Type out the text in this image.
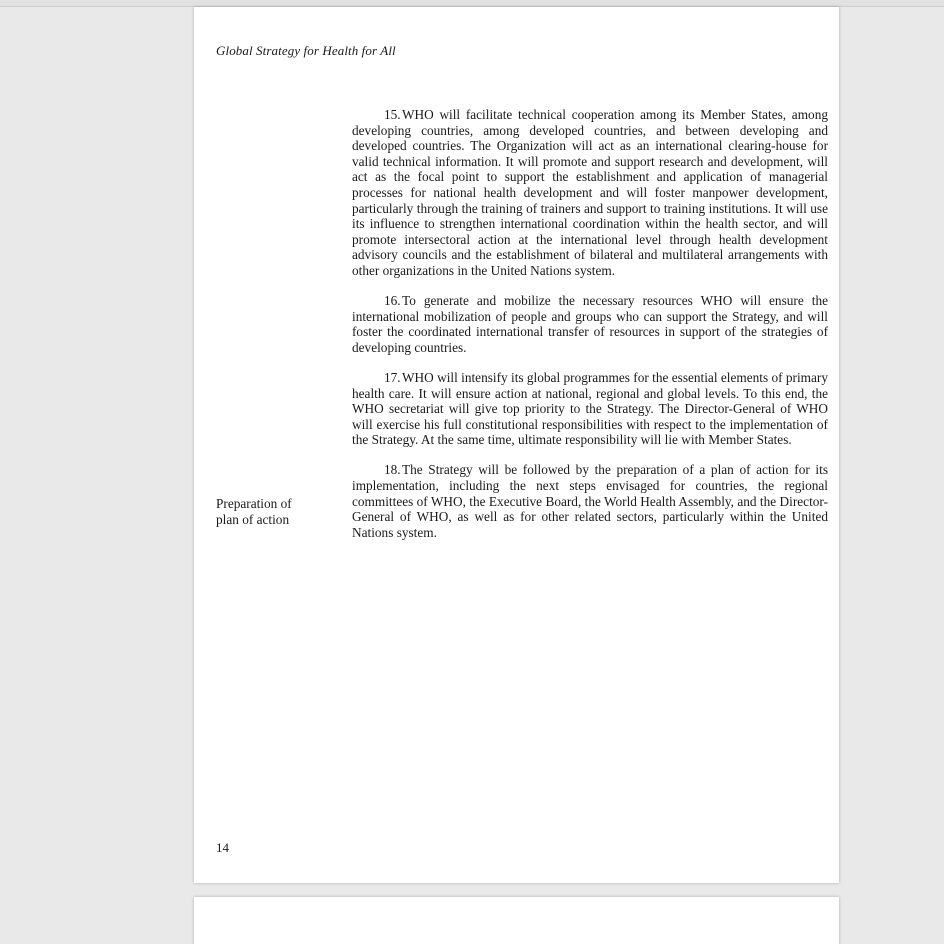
Global Strategy for Health for All

15.WHO will facilitate technical cooperation among its Member States, among developing countries, among developed countries, and between developing and developed countries. The Organization will act as an international clearing-house for valid technical information. It will promote and support research and development, will act as the focal point to support the establishment and application of managerial processes for national health development and will foster manpower development, particularly through the training of trainers and support to training institutions. It will use its influence to strengthen international coordination within the health sector, and will promote intersectoral action at the international level through health development advisory councils and the establishment of bilateral and multilateral arrangements with other organizations in the United Nations system.

16.To generate and mobilize the necessary resources WHO will ensure the international mobilization of people and groups who can support the Strategy, and will foster the coordinated international transfer of resources in support of the strategies of developing countries.

17.WHO will intensify its global programmes for the essential elements of primary health care. It will ensure action at national, regional and global levels. To this end, the WHO secretariat will give top priority to the Strategy. The Director-General of WHO will exercise his full constitutional responsibilities with respect to the implementation of the Strategy. At the same time, ultimate responsibility will lie with Member States.

18.The Strategy will be followed by the preparation of a plan of action for its implementation, including the next steps envisaged for countries, the regional committees of WHO, the Executive Board, the World Health Assembly, and the Director-General of WHO, as well as for other related sectors, particularly within the United Nations system.

Preparation of
plan of action
14
